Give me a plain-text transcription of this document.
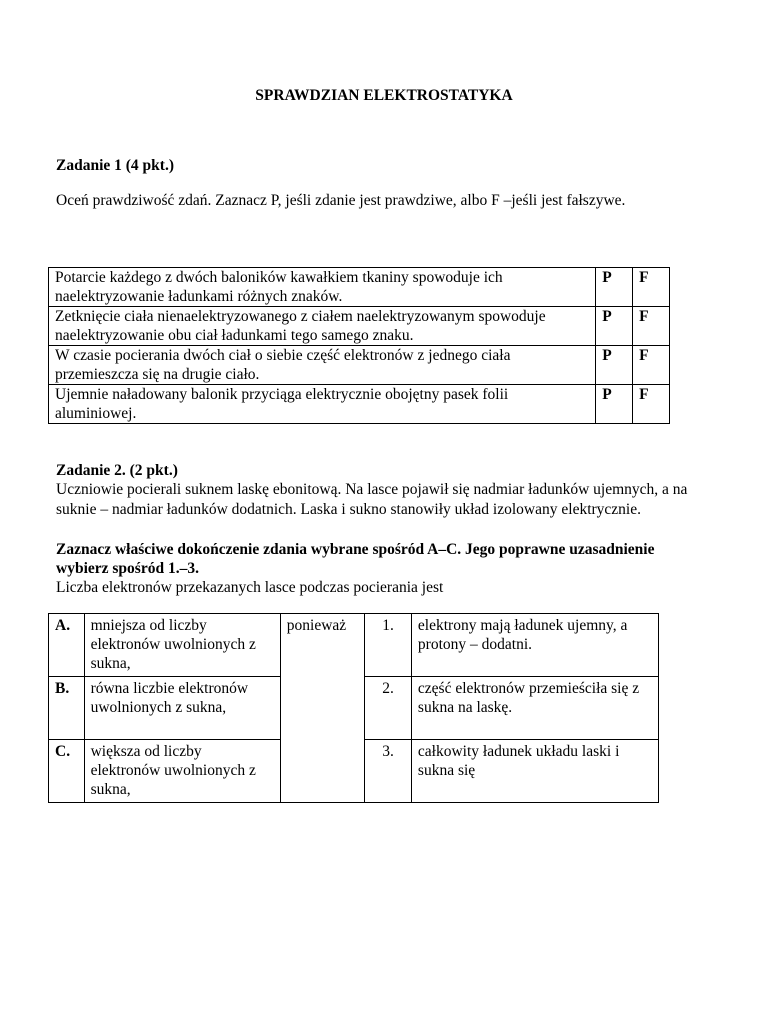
SPRAWDZIAN ELEKTROSTATYKA
Zadanie 1 (4 pkt.)
Oceń prawdziwość zdań. Zaznacz P, jeśli zdanie jest prawdziwe, albo F –jeśli jest fałszywe.
Potarcie każdego z dwóch baloników kawałkiem tkaniny spowoduje ich naelektryzowanie ładunkami różnych znaków.	P	F
Zetknięcie ciała nienaelektryzowanego z ciałem naelektryzowanym spowoduje naelektryzowanie obu ciał ładunkami tego samego znaku.	P	F
W czasie pocierania dwóch ciał o siebie część elektronów z jednego ciała przemieszcza się na drugie ciało.	P	F
Ujemnie naładowany balonik przyciąga elektrycznie obojętny pasek folii aluminiowej.	P	F
Zadanie 2. (2 pkt.)
Uczniowie pocierali suknem laskę ebonitową. Na lasce pojawił się nadmiar ładunków ujemnych, a na suknie – nadmiar ładunków dodatnich. Laska i sukno stanowiły układ izolowany elektrycznie.
Zaznacz właściwe dokończenie zdania wybrane spośród A–C. Jego poprawne uzasadnienie wybierz spośród 1.–3.
Liczba elektronów przekazanych lasce podczas pocierania jest
A.	mniejsza od liczby elektronów uwolnionych z sukna,	ponieważ	1.	elektrony mają ładunek ujemny, a protony – dodatni.
B.	równa liczbie elektronów uwolnionych z sukna,		2.	część elektronów przemieściła się z sukna na laskę.
C.	większa od liczby elektronów uwolnionych z sukna,		3.	całkowity ładunek układu laski i sukna się
